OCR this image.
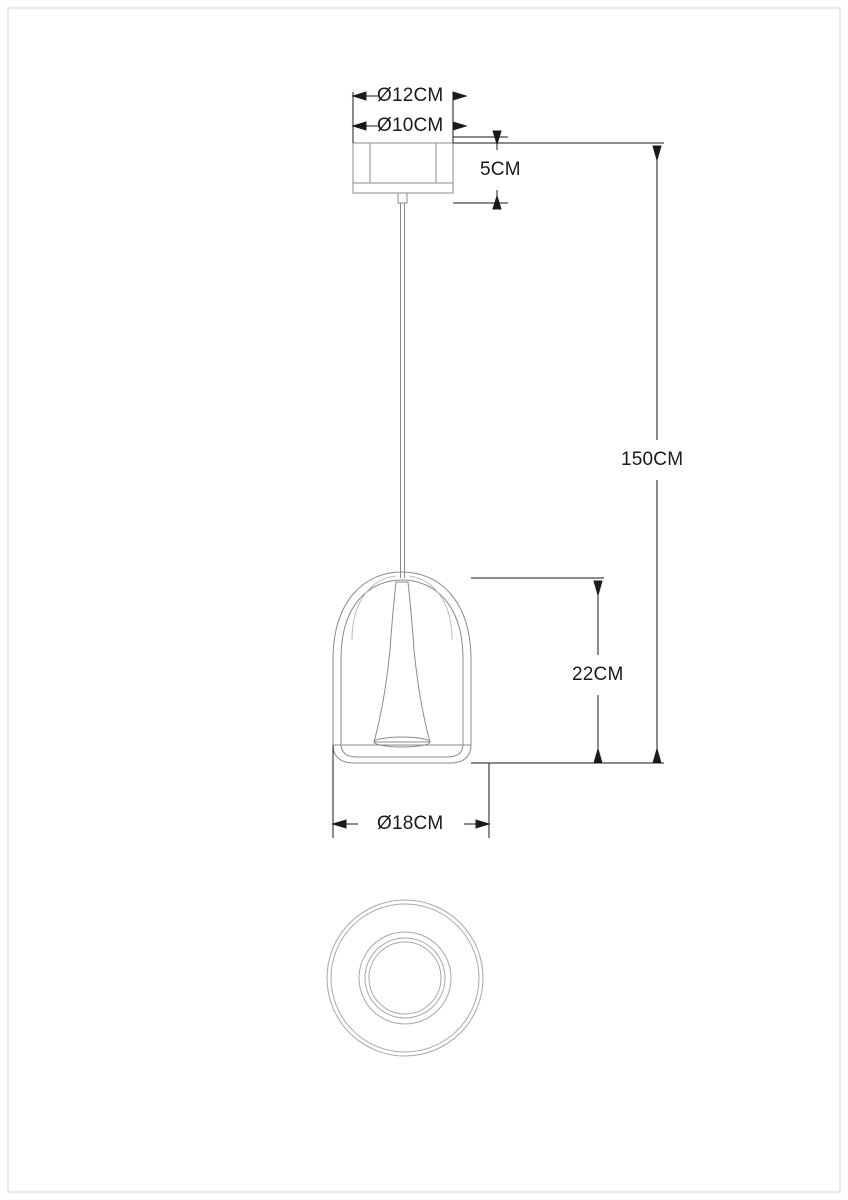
Ø12CM
Ø10CM
5CM
150CM
22CM
Ø18CM
